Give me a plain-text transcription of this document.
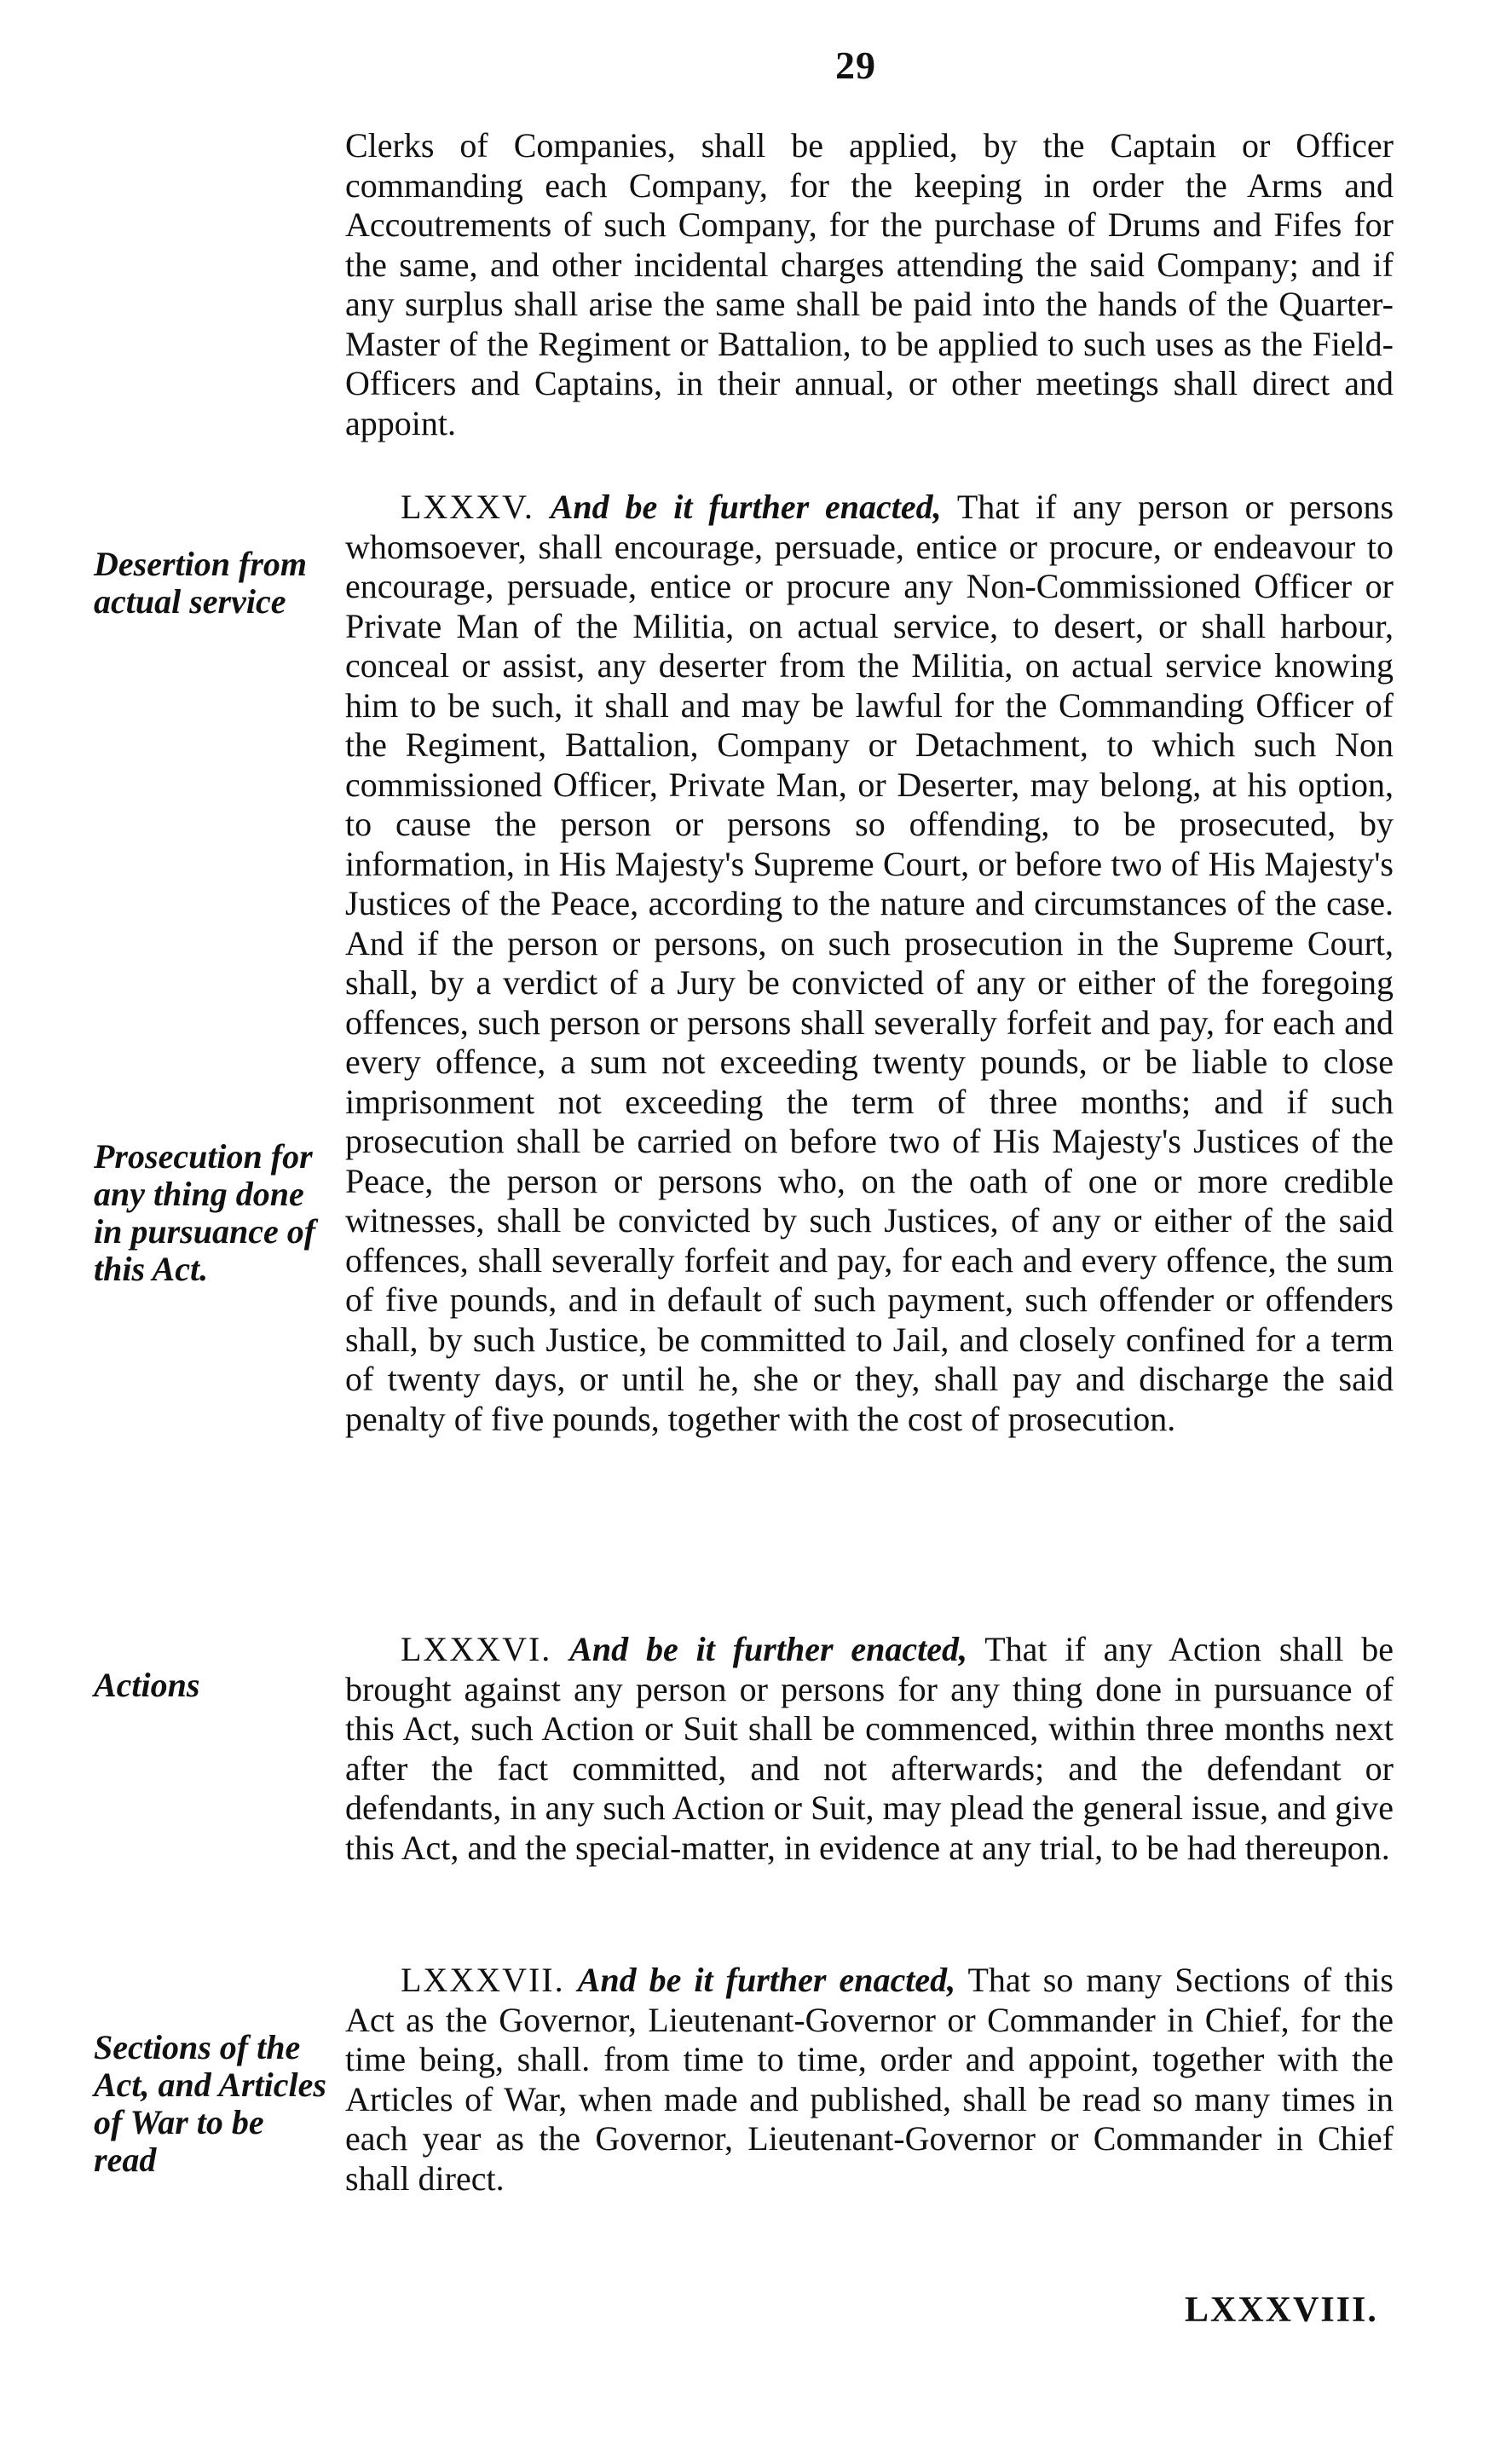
29

Clerks of Companies, shall be applied, by the Captain or Officer commanding each Company, for the keeping in order the Arms and Accoutrements of such Company, for the purchase of Drums and Fifes for the same, and other incidental charges attending the said Company; and if any surplus shall arise the same shall be paid into the hands of the Quarter-Master of the Regiment or Battalion, to be applied to such uses as the Field-Officers and Captains, in their annual, or other meetings shall direct and appoint.

LXXXV. And be it further enacted, That if any person or persons whomsoever, shall encourage, persuade, entice or procure, or endeavour to encourage, persuade, entice or procure any Non-Commissioned Officer or Private Man of the Militia, on actual service, to desert, or shall harbour, conceal or assist, any deserter from the Militia, on actual service knowing him to be such, it shall and may be lawful for the Commanding Officer of the Regiment, Battalion, Company or Detachment, to which such Non commissioned Officer, Private Man, or Deserter, may belong, at his option, to cause the person or persons so offending, to be prosecuted, by information, in His Majesty's Supreme Court, or before two of His Majesty's Justices of the Peace, according to the nature and circumstances of the case. And if the person or persons, on such prosecution in the Supreme Court, shall, by a verdict of a Jury be convicted of any or either of the foregoing offences, such person or persons shall severally forfeit and pay, for each and every offence, a sum not exceeding twenty pounds, or be liable to close imprisonment not exceeding the term of three months; and if such prosecution shall be carried on before two of His Majesty's Justices of the Peace, the person or persons who, on the oath of one or more credible witnesses, shall be convicted by such Justices, of any or either of the said offences, shall severally forfeit and pay, for each and every offence, the sum of five pounds, and in default of such payment, such offender or offenders shall, by such Justice, be committed to Jail, and closely confined for a term of twenty days, or until he, she or they, shall pay and discharge the said penalty of five pounds, together with the cost of prosecution.

LXXXVI. And be it further enacted, That if any Action shall be brought against any person or persons for any thing done in pursuance of this Act, such Action or Suit shall be commenced, within three months next after the fact committed, and not afterwards; and the defendant or defendants, in any such Action or Suit, may plead the general issue, and give this Act, and the special-matter, in evidence at any trial, to be had thereupon.

LXXXVII. And be it further enacted, That so many Sections of this Act as the Governor, Lieutenant-Governor or Commander in Chief, for the time being, shall. from time to time, order and appoint, together with the Articles of War, when made and published, shall be read so many times in each year as the Governor, Lieutenant-Governor or Commander in Chief shall direct.

Desertion from actual service

Prosecution for any thing done in pursuance of this Act.

Actions

Sections of the Act, and Articles of War to be read

LXXXVIII.
